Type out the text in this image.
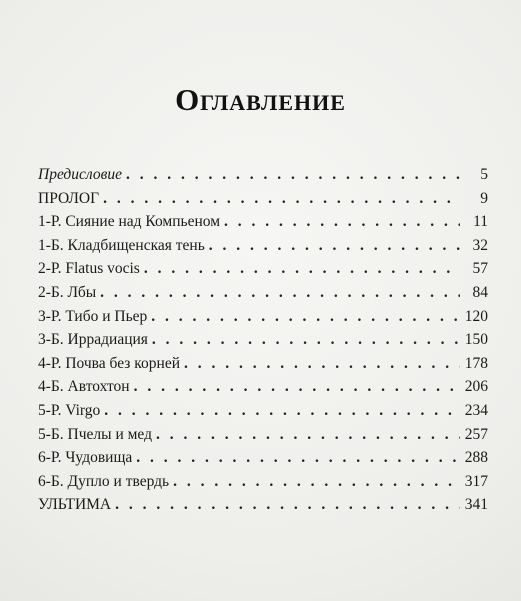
Оглавление
Предисловие . . .	5
ПРОЛОГ . . .	9
1-Р. Сияние над Компьеном . . .	11
1-Б. Кладбищенская тень . . .	32
2-Р. Flatus vocis . . .	57
2-Б. Лбы . . .	84
3-Р. Тибо и Пьер . . .	120
3-Б. Иррадиация . . .	150
4-Р. Почва без корней . . .	178
4-Б. Автохтон . . .	206
5-Р. Virgo . . .	234
5-Б. Пчелы и мед . . .	257
6-Р. Чудовища . . .	288
6-Б. Дупло и твердь . . .	317
УЛЬТИМА . . .	341
